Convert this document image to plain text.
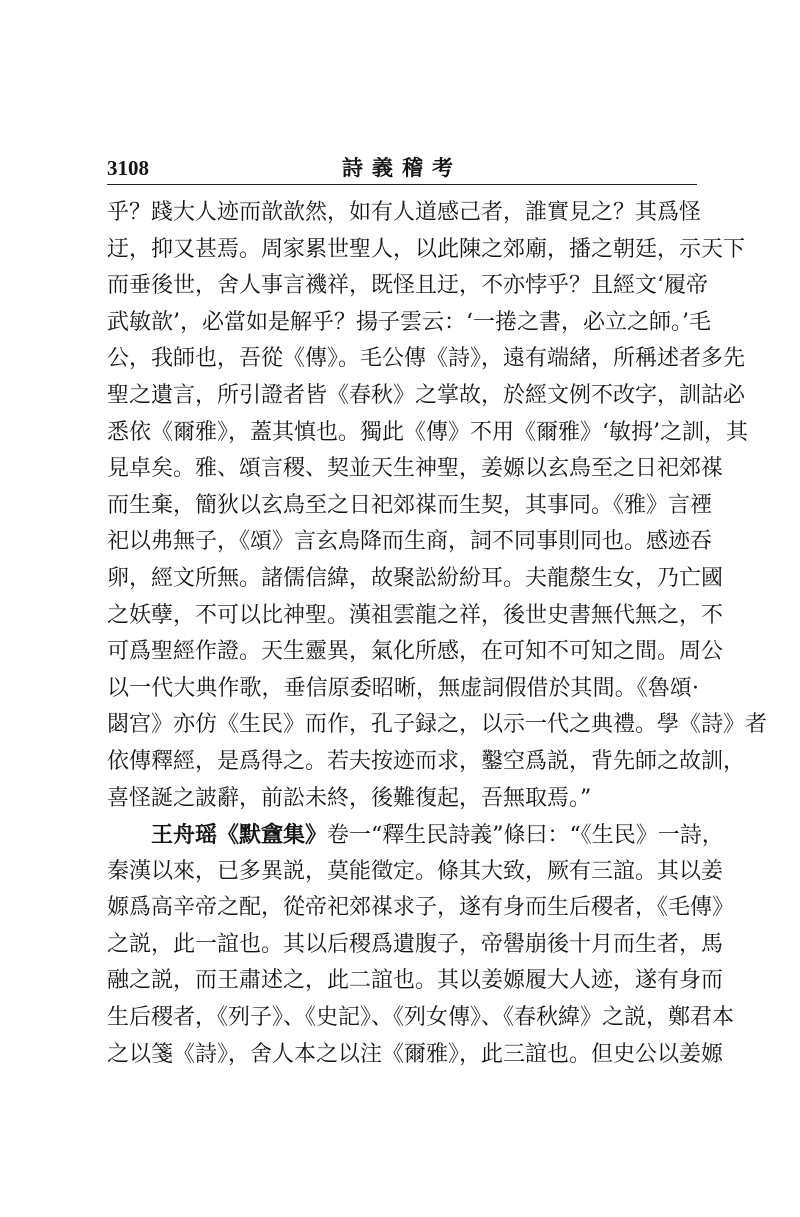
3108	詩義稽考
乎？踐大人迹而歆歆然，如有人道感己者，誰實見之？其爲怪
迂，抑又甚焉。周家累世聖人，以此陳之郊廟，播之朝廷，示天下
而垂後世，舍人事言禨祥，既怪且迂，不亦悖乎？且經文‘履帝
武敏歆’，必當如是解乎？揚子雲云：‘一捲之書，必立之師。’毛
公，我師也，吾從《傳》。毛公傳《詩》，遠有端緒，所稱述者多先
聖之遺言，所引證者皆《春秋》之掌故，於經文例不改字，訓詁必
悉依《爾雅》，蓋其慎也。獨此《傳》不用《爾雅》‘敏拇’之訓，其
見卓矣。雅、頌言稷、契並天生神聖，姜嫄以玄鳥至之日祀郊禖
而生棄，簡狄以玄鳥至之日祀郊禖而生契，其事同。《雅》言禋
祀以弗無子，《頌》言玄鳥降而生商，詞不同事則同也。感迹吞
卵，經文所無。諸儒信緯，故聚訟紛紛耳。夫龍漦生女，乃亡國
之妖孽，不可以比神聖。漢祖雲龍之祥，後世史書無代無之，不
可爲聖經作證。天生靈異，氣化所感，在可知不可知之間。周公
以一代大典作歌，垂信原委昭晰，無虚詞假借於其間。《魯頌·
閟宫》亦仿《生民》而作，孔子録之，以示一代之典禮。學《詩》者
依傳釋經，是爲得之。若夫按迹而求，鑿空爲説，背先師之故訓，
喜怪誕之詖辭，前訟未終，後難復起，吾無取焉。”
王舟瑶《默盦集》卷一“釋生民詩義”條曰：“《生民》一詩，
秦漢以來，已多異説，莫能徵定。條其大致，厥有三誼。其以姜
嫄爲高辛帝之配，從帝祀郊禖求子，遂有身而生后稷者，《毛傳》
之説，此一誼也。其以后稷爲遺腹子，帝嚳崩後十月而生者，馬
融之説，而王肅述之，此二誼也。其以姜嫄履大人迹，遂有身而
生后稷者，《列子》、《史記》、《列女傳》、《春秋緯》之説，鄭君本
之以箋《詩》，舍人本之以注《爾雅》，此三誼也。但史公以姜嫄
